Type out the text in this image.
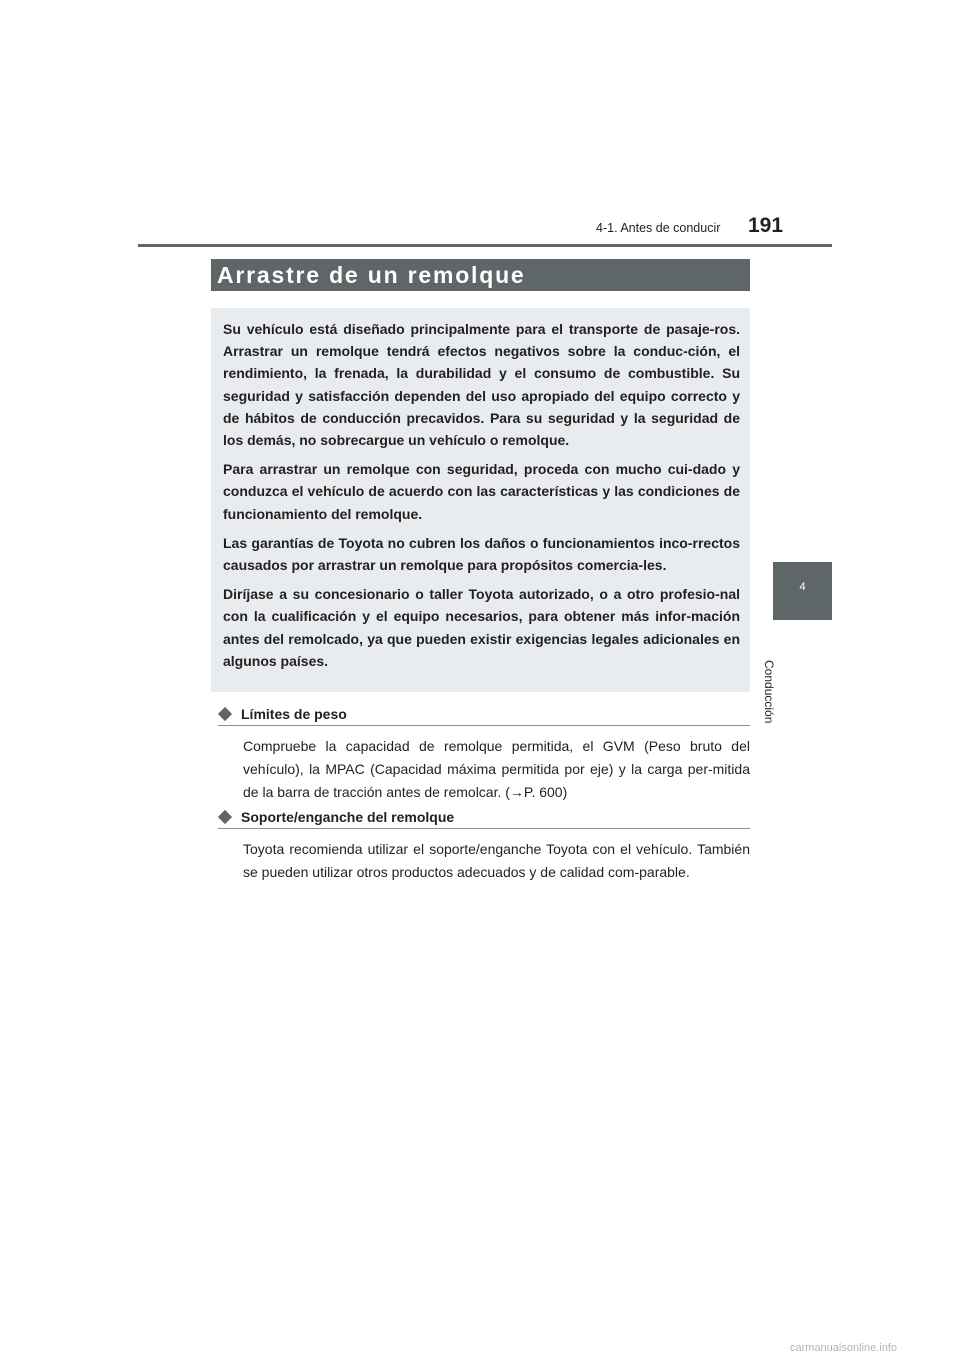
4-1. Antes de conducir 191
4
Conducción
Arrastre de un remolque

Su vehículo está diseñado principalmente para el transporte de pasaje-ros. Arrastrar un remolque tendrá efectos negativos sobre la conduc-ción, el rendimiento, la frenada, la durabilidad y el consumo de combustible. Su seguridad y satisfacción dependen del uso apropiado del equipo correcto y de hábitos de conducción precavidos. Para su seguridad y la seguridad de los demás, no sobrecargue un vehículo o remolque.

Para arrastrar un remolque con seguridad, proceda con mucho cui-dado y conduzca el vehículo de acuerdo con las características y las condiciones de funcionamiento del remolque.

Las garantías de Toyota no cubren los daños o funcionamientos inco-rrectos causados por arrastrar un remolque para propósitos comercia-les.

Diríjase a su concesionario o taller Toyota autorizado, o a otro profesio-nal con la cualificación y el equipo necesarios, para obtener más infor-mación antes del remolcado, ya que pueden existir exigencias legales adicionales en algunos países.

Límites de peso
Compruebe la capacidad de remolque permitida, el GVM (Peso bruto del vehículo), la MPAC (Capacidad máxima permitida por eje) y la carga per-mitida de la barra de tracción antes de remolcar. (→P. 600)
Soporte/enganche del remolque
Toyota recomienda utilizar el soporte/enganche Toyota con el vehículo. También se pueden utilizar otros productos adecuados y de calidad com-parable.
carmanualsonline.info
